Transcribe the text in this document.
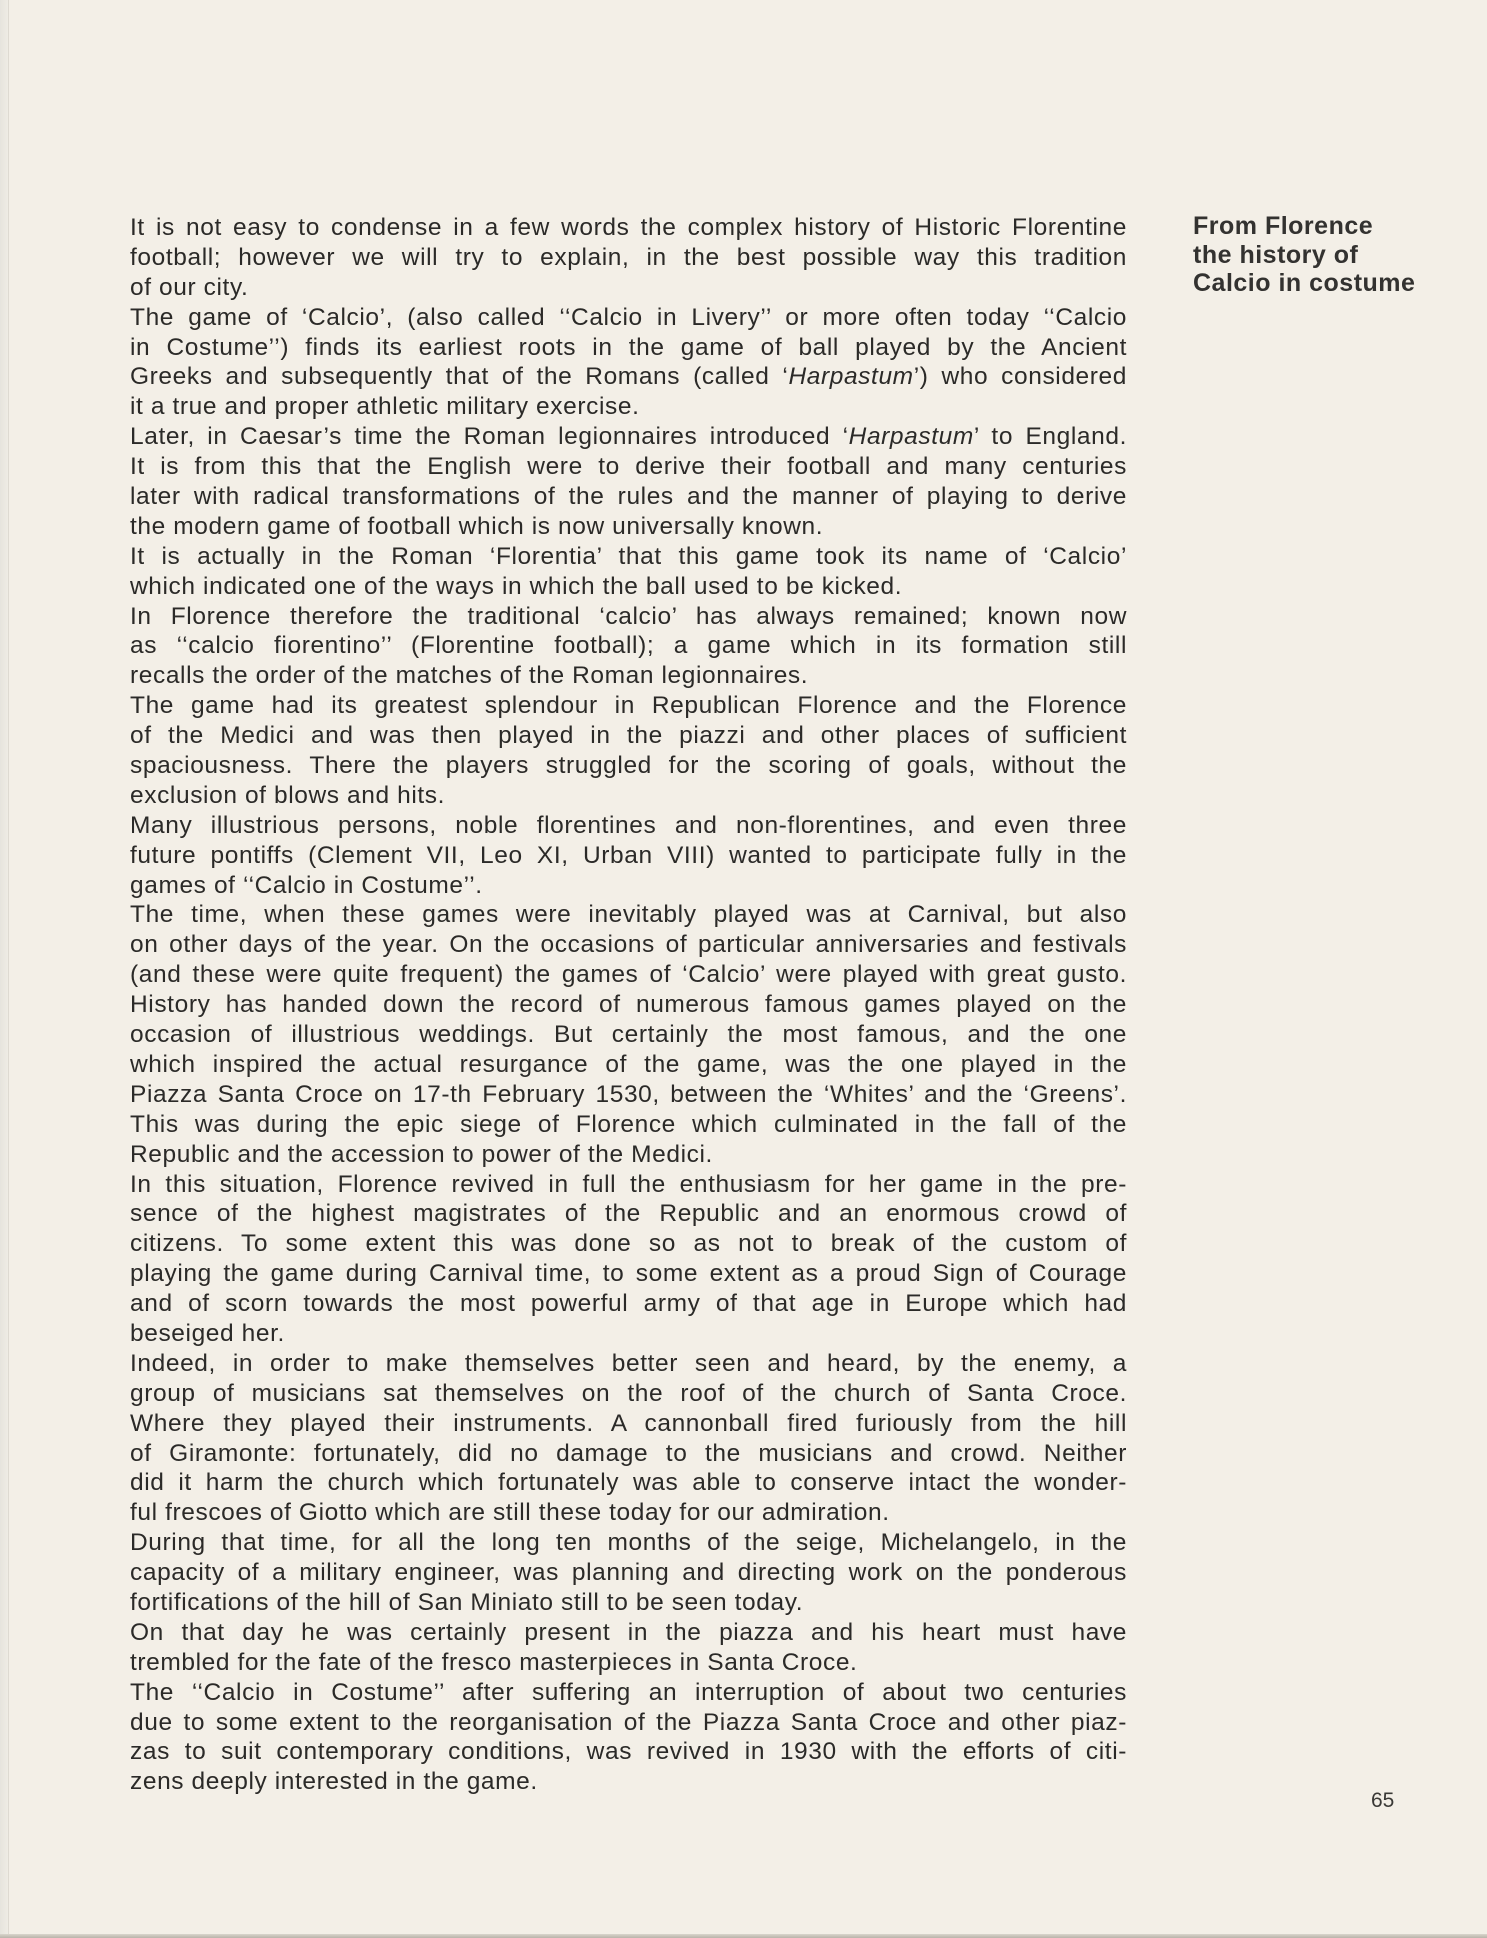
From Florence
the history of
Calcio in costume
It is not easy to condense in a few words the complex history of Historic Florentine
football; however we will try to explain, in the best possible way this tradition
of our city.
The game of ‘Calcio’, (also called ‘‘Calcio in Livery’’ or more often today ‘‘Calcio
in Costume’’) finds its earliest roots in the game of ball played by the Ancient
Greeks and subsequently that of the Romans (called ‘Harpastum’) who considered
it a true and proper athletic military exercise.
Later, in Caesar’s time the Roman legionnaires introduced ‘Harpastum’ to England.
It is from this that the English were to derive their football and many centuries
later with radical transformations of the rules and the manner of playing to derive
the modern game of football which is now universally known.
It is actually in the Roman ‘Florentia’ that this game took its name of ‘Calcio’
which indicated one of the ways in which the ball used to be kicked.
In Florence therefore the traditional ‘calcio’ has always remained; known now
as ‘‘calcio fiorentino’’ (Florentine football); a game which in its formation still
recalls the order of the matches of the Roman legionnaires.
The game had its greatest splendour in Republican Florence and the Florence
of the Medici and was then played in the piazzi and other places of sufficient
spaciousness. There the players struggled for the scoring of goals, without the
exclusion of blows and hits.
Many illustrious persons, noble florentines and non-florentines, and even three
future pontiffs (Clement VII, Leo XI, Urban VIII) wanted to participate fully in the
games of ‘‘Calcio in Costume’’.
The time, when these games were inevitably played was at Carnival, but also
on other days of the year. On the occasions of particular anniversaries and festivals
(and these were quite frequent) the games of ‘Calcio’ were played with great gusto.
History has handed down the record of numerous famous games played on the
occasion of illustrious weddings. But certainly the most famous, and the one
which inspired the actual resurgance of the game, was the one played in the
Piazza Santa Croce on 17-th February 1530, between the ‘Whites’ and the ‘Greens’.
This was during the epic siege of Florence which culminated in the fall of the
Republic and the accession to power of the Medici.
In this situation, Florence revived in full the enthusiasm for her game in the pre-
sence of the highest magistrates of the Republic and an enormous crowd of
citizens. To some extent this was done so as not to break of the custom of
playing the game during Carnival time, to some extent as a proud Sign of Courage
and of scorn towards the most powerful army of that age in Europe which had
beseiged her.
Indeed, in order to make themselves better seen and heard, by the enemy, a
group of musicians sat themselves on the roof of the church of Santa Croce.
Where they played their instruments. A cannonball fired furiously from the hill
of Giramonte: fortunately, did no damage to the musicians and crowd. Neither
did it harm the church which fortunately was able to conserve intact the wonder-
ful frescoes of Giotto which are still these today for our admiration.
During that time, for all the long ten months of the seige, Michelangelo, in the
capacity of a military engineer, was planning and directing work on the ponderous
fortifications of the hill of San Miniato still to be seen today.
On that day he was certainly present in the piazza and his heart must have
trembled for the fate of the fresco masterpieces in Santa Croce.
The ‘‘Calcio in Costume’’ after suffering an interruption of about two centuries
due to some extent to the reorganisation of the Piazza Santa Croce and other piaz-
zas to suit contemporary conditions, was revived in 1930 with the efforts of citi-
zens deeply interested in the game.
65
